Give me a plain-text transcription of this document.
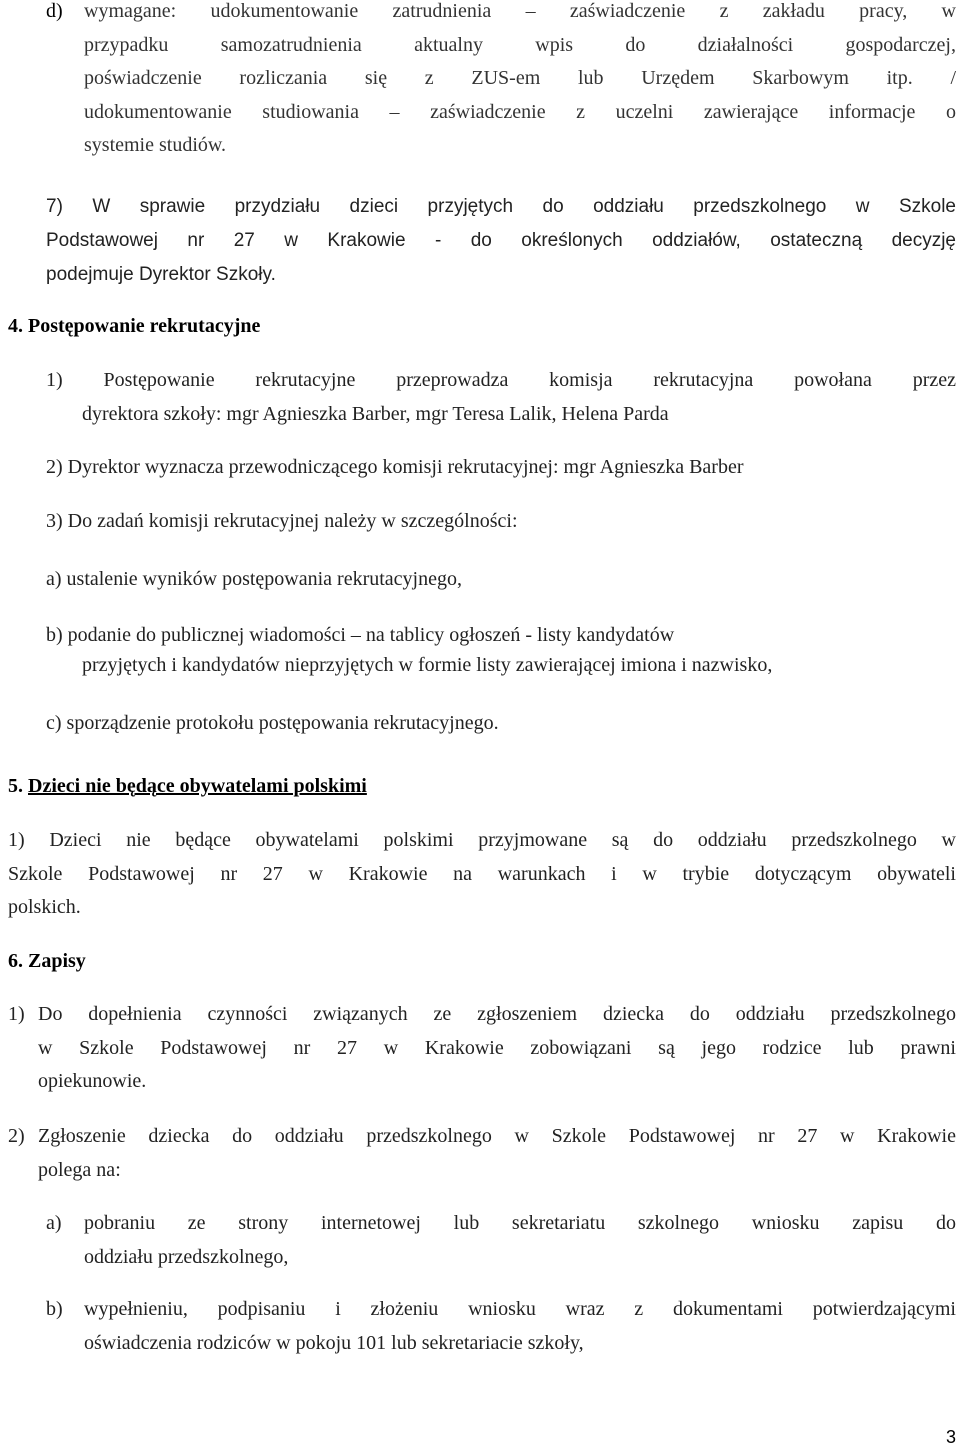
d) wymagane: udokumentowanie zatrudnienia – zaświadczenie z zakładu pracy, w
przypadku samozatrudnienia aktualny wpis do działalności gospodarczej,
poświadczenie rozliczania się z ZUS-em lub Urzędem Skarbowym itp. /
udokumentowanie studiowania – zaświadczenie z uczelni zawierające informacje o
systemie studiów.
7) W sprawie przydziału dzieci przyjętych do oddziału przedszkolnego w Szkole
Podstawowej nr 27 w Krakowie - do określonych oddziałów, ostateczną decyzję
podejmuje Dyrektor Szkoły.
4. Postępowanie rekrutacyjne
1) Postępowanie rekrutacyjne przeprowadza komisja rekrutacyjna powołana przez
dyrektora szkoły: mgr Agnieszka Barber, mgr Teresa Lalik, Helena Parda
2) Dyrektor wyznacza przewodniczącego komisji rekrutacyjnej: mgr Agnieszka Barber
3) Do zadań komisji rekrutacyjnej należy w szczególności:
a) ustalenie wyników postępowania rekrutacyjnego,
b) podanie do publicznej wiadomości – na tablicy ogłoszeń - listy kandydatów
przyjętych i kandydatów nieprzyjętych w formie listy zawierającej imiona i nazwisko,
c) sporządzenie protokołu postępowania rekrutacyjnego.
5. Dzieci nie będące obywatelami polskimi
1) Dzieci nie będące obywatelami polskimi przyjmowane są do oddziału przedszkolnego w
Szkole Podstawowej nr 27 w Krakowie na warunkach i w trybie dotyczącym obywateli
polskich.
6. Zapisy
1) Do dopełnienia czynności związanych ze zgłoszeniem dziecka do oddziału przedszkolnego
w Szkole Podstawowej nr 27 w Krakowie zobowiązani są jego rodzice lub prawni
opiekunowie.
2) Zgłoszenie dziecka do oddziału przedszkolnego w Szkole Podstawowej nr 27 w Krakowie
polega na:
a) pobraniu ze strony internetowej lub sekretariatu szkolnego wniosku zapisu do
oddziału przedszkolnego,
b) wypełnieniu, podpisaniu i złożeniu wniosku wraz z dokumentami potwierdzającymi
oświadczenia rodziców w pokoju 101 lub sekretariacie szkoły,
3
